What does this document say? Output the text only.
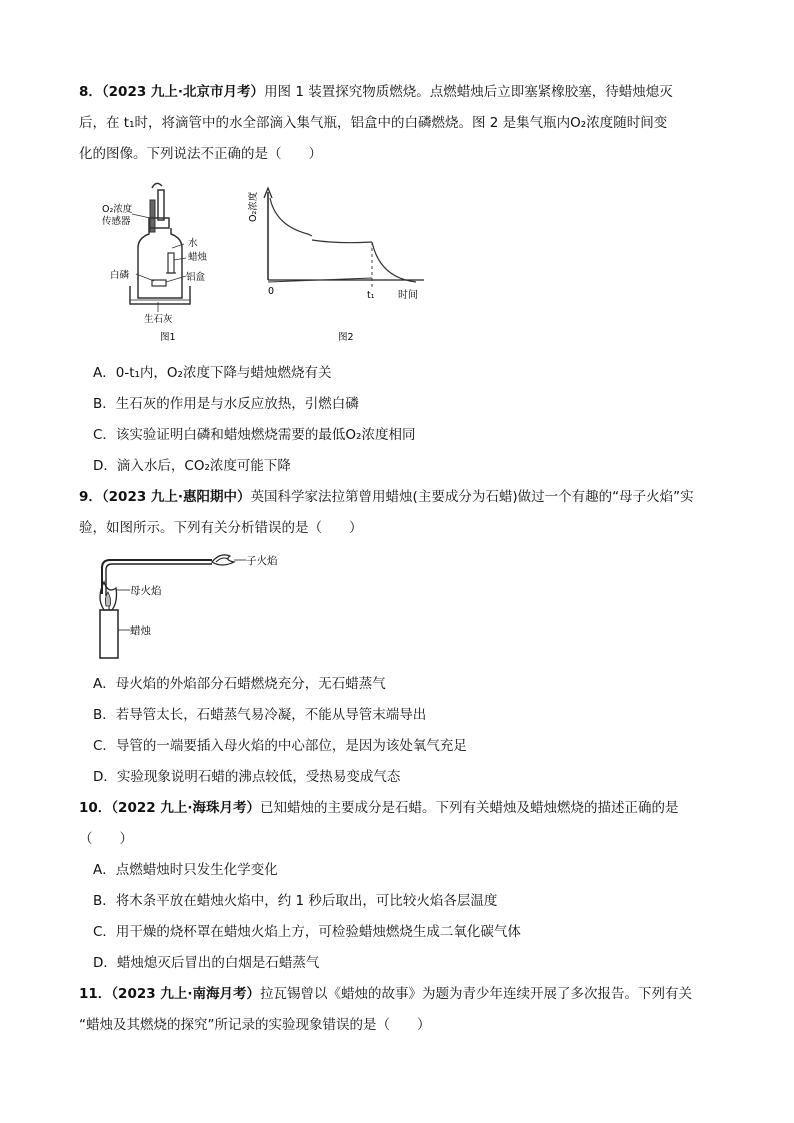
8．（2023 九上·北京市月考）用图 1 装置探究物质燃烧。点燃蜡烛后立即塞紧橡胶塞，待蜡烛熄灭
后，在 t₁时，将滴管中的水全部滴入集气瓶，铝盒中的白磷燃烧。图 2 是集气瓶内O₂浓度随时间变
化的图像。下列说法不正确的是（　　）
O₂浓度
传感器
水
蜡烛
白磷	铝盒
生石灰
图1
O₂浓度
0	t₁ 时间
图2
A．0-t₁内，O₂浓度下降与蜡烛燃烧有关
B．生石灰的作用是与水反应放热，引燃白磷
C．该实验证明白磷和蜡烛燃烧需要的最低O₂浓度相同
D．滴入水后，CO₂浓度可能下降
9．（2023 九上·惠阳期中）英国科学家法拉第曾用蜡烛(主要成分为石蜡)做过一个有趣的“母子火焰”实
验，如图所示。下列有关分析错误的是（　　）
子火焰
母火焰
蜡烛
A．母火焰的外焰部分石蜡燃烧充分，无石蜡蒸气
B．若导管太长，石蜡蒸气易冷凝，不能从导管末端导出
C．导管的一端要插入母火焰的中心部位，是因为该处氧气充足
D．实验现象说明石蜡的沸点较低，受热易变成气态
10．（2022 九上·海珠月考）已知蜡烛的主要成分是石蜡。下列有关蜡烛及蜡烛燃烧的描述正确的是
（　　）
A．点燃蜡烛时只发生化学变化
B．将木条平放在蜡烛火焰中，约 1 秒后取出，可比较火焰各层温度
C．用干燥的烧杯罩在蜡烛火焰上方，可检验蜡烛燃烧生成二氧化碳气体
D．蜡烛熄灭后冒出的白烟是石蜡蒸气
11．（2023 九上·南海月考）拉瓦锡曾以《蜡烛的故事》为题为青少年连续开展了多次报告。下列有关
“蜡烛及其燃烧的探究”所记录的实验现象错误的是（　　）
